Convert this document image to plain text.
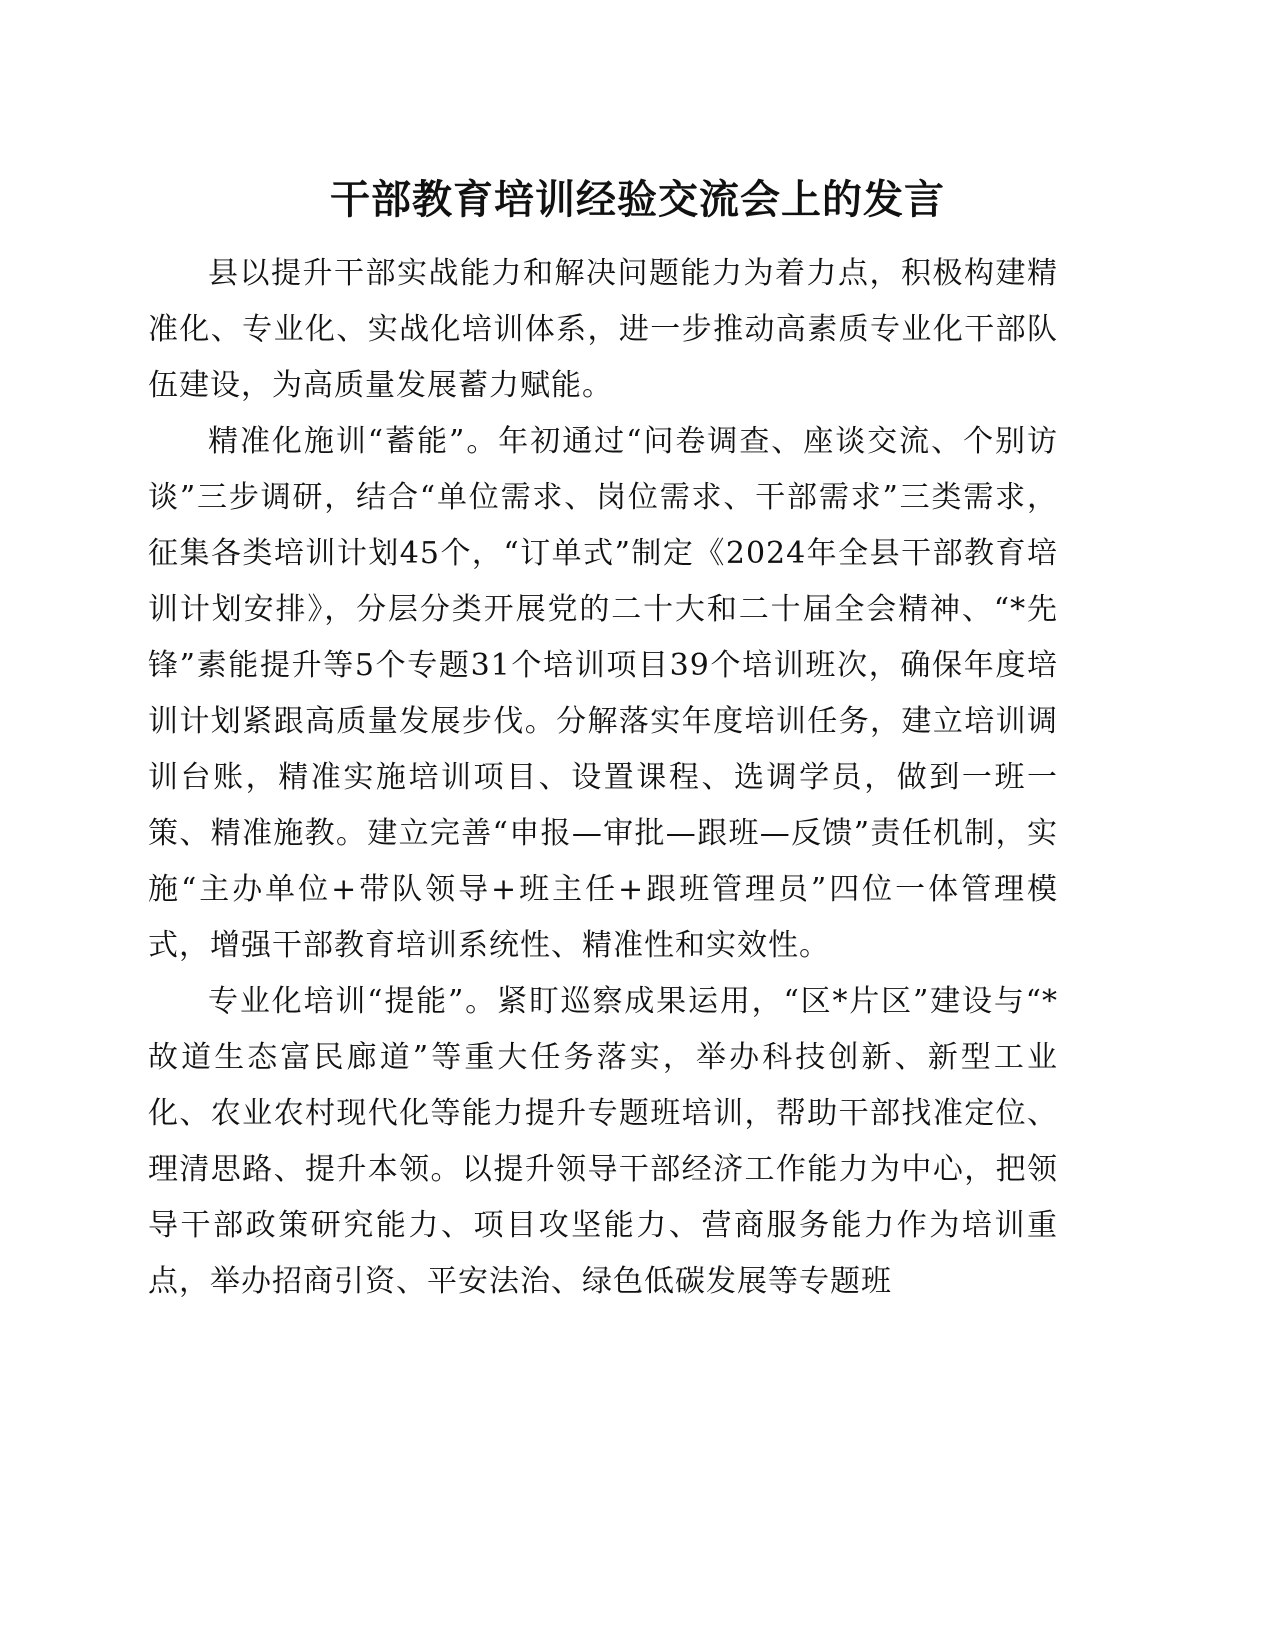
干部教育培训经验交流会上的发言

县以提升干部实战能力和解决问题能力为着力点，积极构建精准化、专业化、实战化培训体系，进一步推动高素质专业化干部队伍建设，为高质量发展蓄力赋能。

精准化施训“蓄能”。年初通过“问卷调查、座谈交流、个别访谈”三步调研，结合“单位需求、岗位需求、干部需求”三类需求，征集各类培训计划45个，“订单式”制定《2024年全县干部教育培训计划安排》，分层分类开展党的二十大和二十届全会精神、“*先锋”素能提升等5个专题31个培训项目39个培训班次，确保年度培训计划紧跟高质量发展步伐。分解落实年度培训任务，建立培训调训台账，精准实施培训项目、设置课程、选调学员，做到一班一策、精准施教。建立完善“申报—审批—跟班—反馈”责任机制，实施“主办单位+带队领导+班主任+跟班管理员”四位一体管理模式，增强干部教育培训系统性、精准性和实效性。

专业化培训“提能”。紧盯巡察成果运用，“区*片区”建设与“*故道生态富民廊道”等重大任务落实，举办科技创新、新型工业化、农业农村现代化等能力提升专题班培训，帮助干部找准定位、理清思路、提升本领。以提升领导干部经济工作能力为中心，把领导干部政策研究能力、项目攻坚能力、营商服务能力作为培训重点，举办招商引资、平安法治、绿色低碳发展等专题班
